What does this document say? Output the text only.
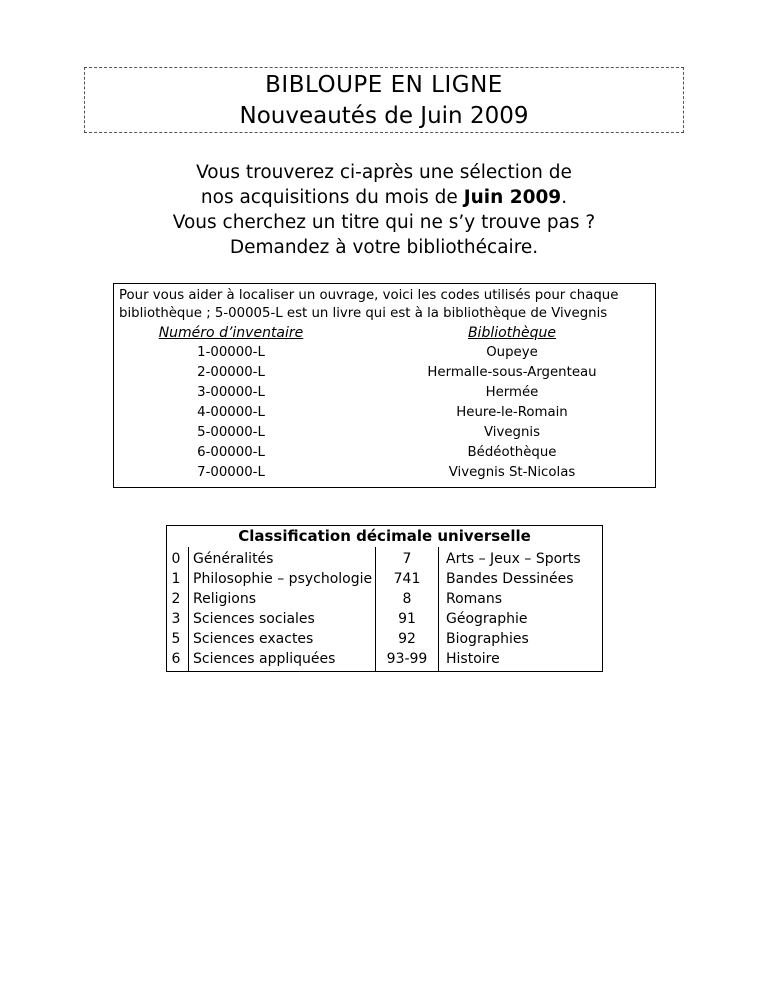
BIBLOUPE EN LIGNE
Nouveautés de Juin 2009
Vous trouverez ci-après une sélection de
nos acquisitions du mois de Juin 2009.
Vous cherchez un titre qui ne s’y trouve pas ?
Demandez à votre bibliothécaire.
Pour vous aider à localiser un ouvrage, voici les codes utilisés pour chaque
bibliothèque ; 5-00005-L est un livre qui est à la bibliothèque de Vivegnis
Numéro d’inventaire	Bibliothèque
1-00000-L	Oupeye
2-00000-L	Hermalle-sous-Argenteau
3-00000-L	Hermée
4-00000-L	Heure-le-Romain
5-00000-L	Vivegnis
6-00000-L	Bédéothèque
7-00000-L	Vivegnis St-Nicolas
Classification décimale universelle
0 Généralités	7	Arts – Jeux – Sports
1 Philosophie – psychologie	741	Bandes Dessinées
2 Religions	8	Romans
3 Sciences sociales	91	Géographie
5 Sciences exactes	92	Biographies
6 Sciences appliquées	93-99	Histoire
